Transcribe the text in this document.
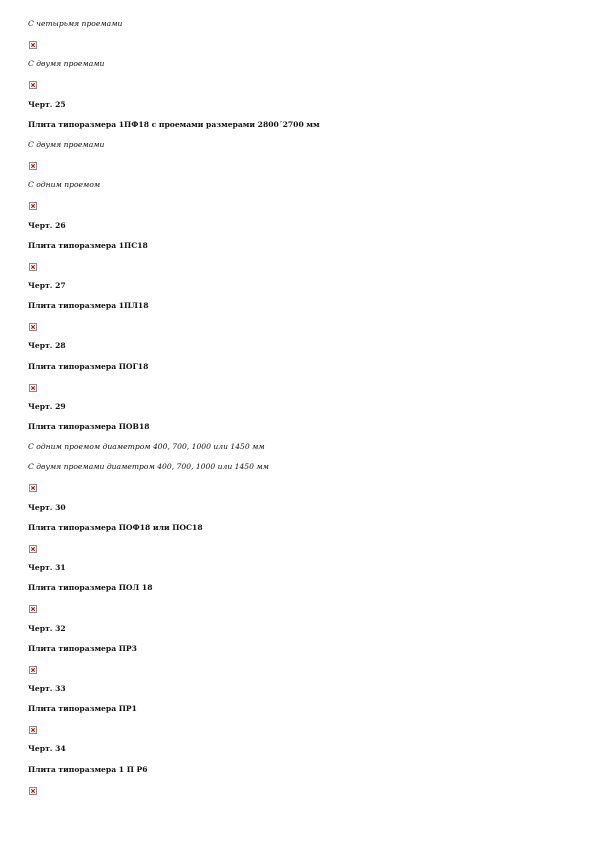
С четырьмя проемами
С двумя проемами
Черт. 25
Плита типоразмера 1ПФ18 с проемами размерами 2800´2700 мм
С двумя проемами
С одним проемом
Черт. 26
Плита типоразмера 1ПС18
Черт. 27
Плита типоразмера 1ПЛ18
Черт. 28
Плита типоразмера ПОГ18
Черт. 29
Плита типоразмера ПОВ18
С одним проемом диаметром 400, 700, 1000 или 1450 мм
С двумя проемами диаметром 400, 700, 1000 или 1450 мм
Черт. 30
Плита типоразмера ПОФ18 или ПОС18
Черт. 31
Плита типоразмера ПОЛ 18
Черт. 32
Плита типоразмера ПР3
Черт. 33
Плита типоразмера ПР1
Черт. 34
Плита типоразмера 1 П Р6
